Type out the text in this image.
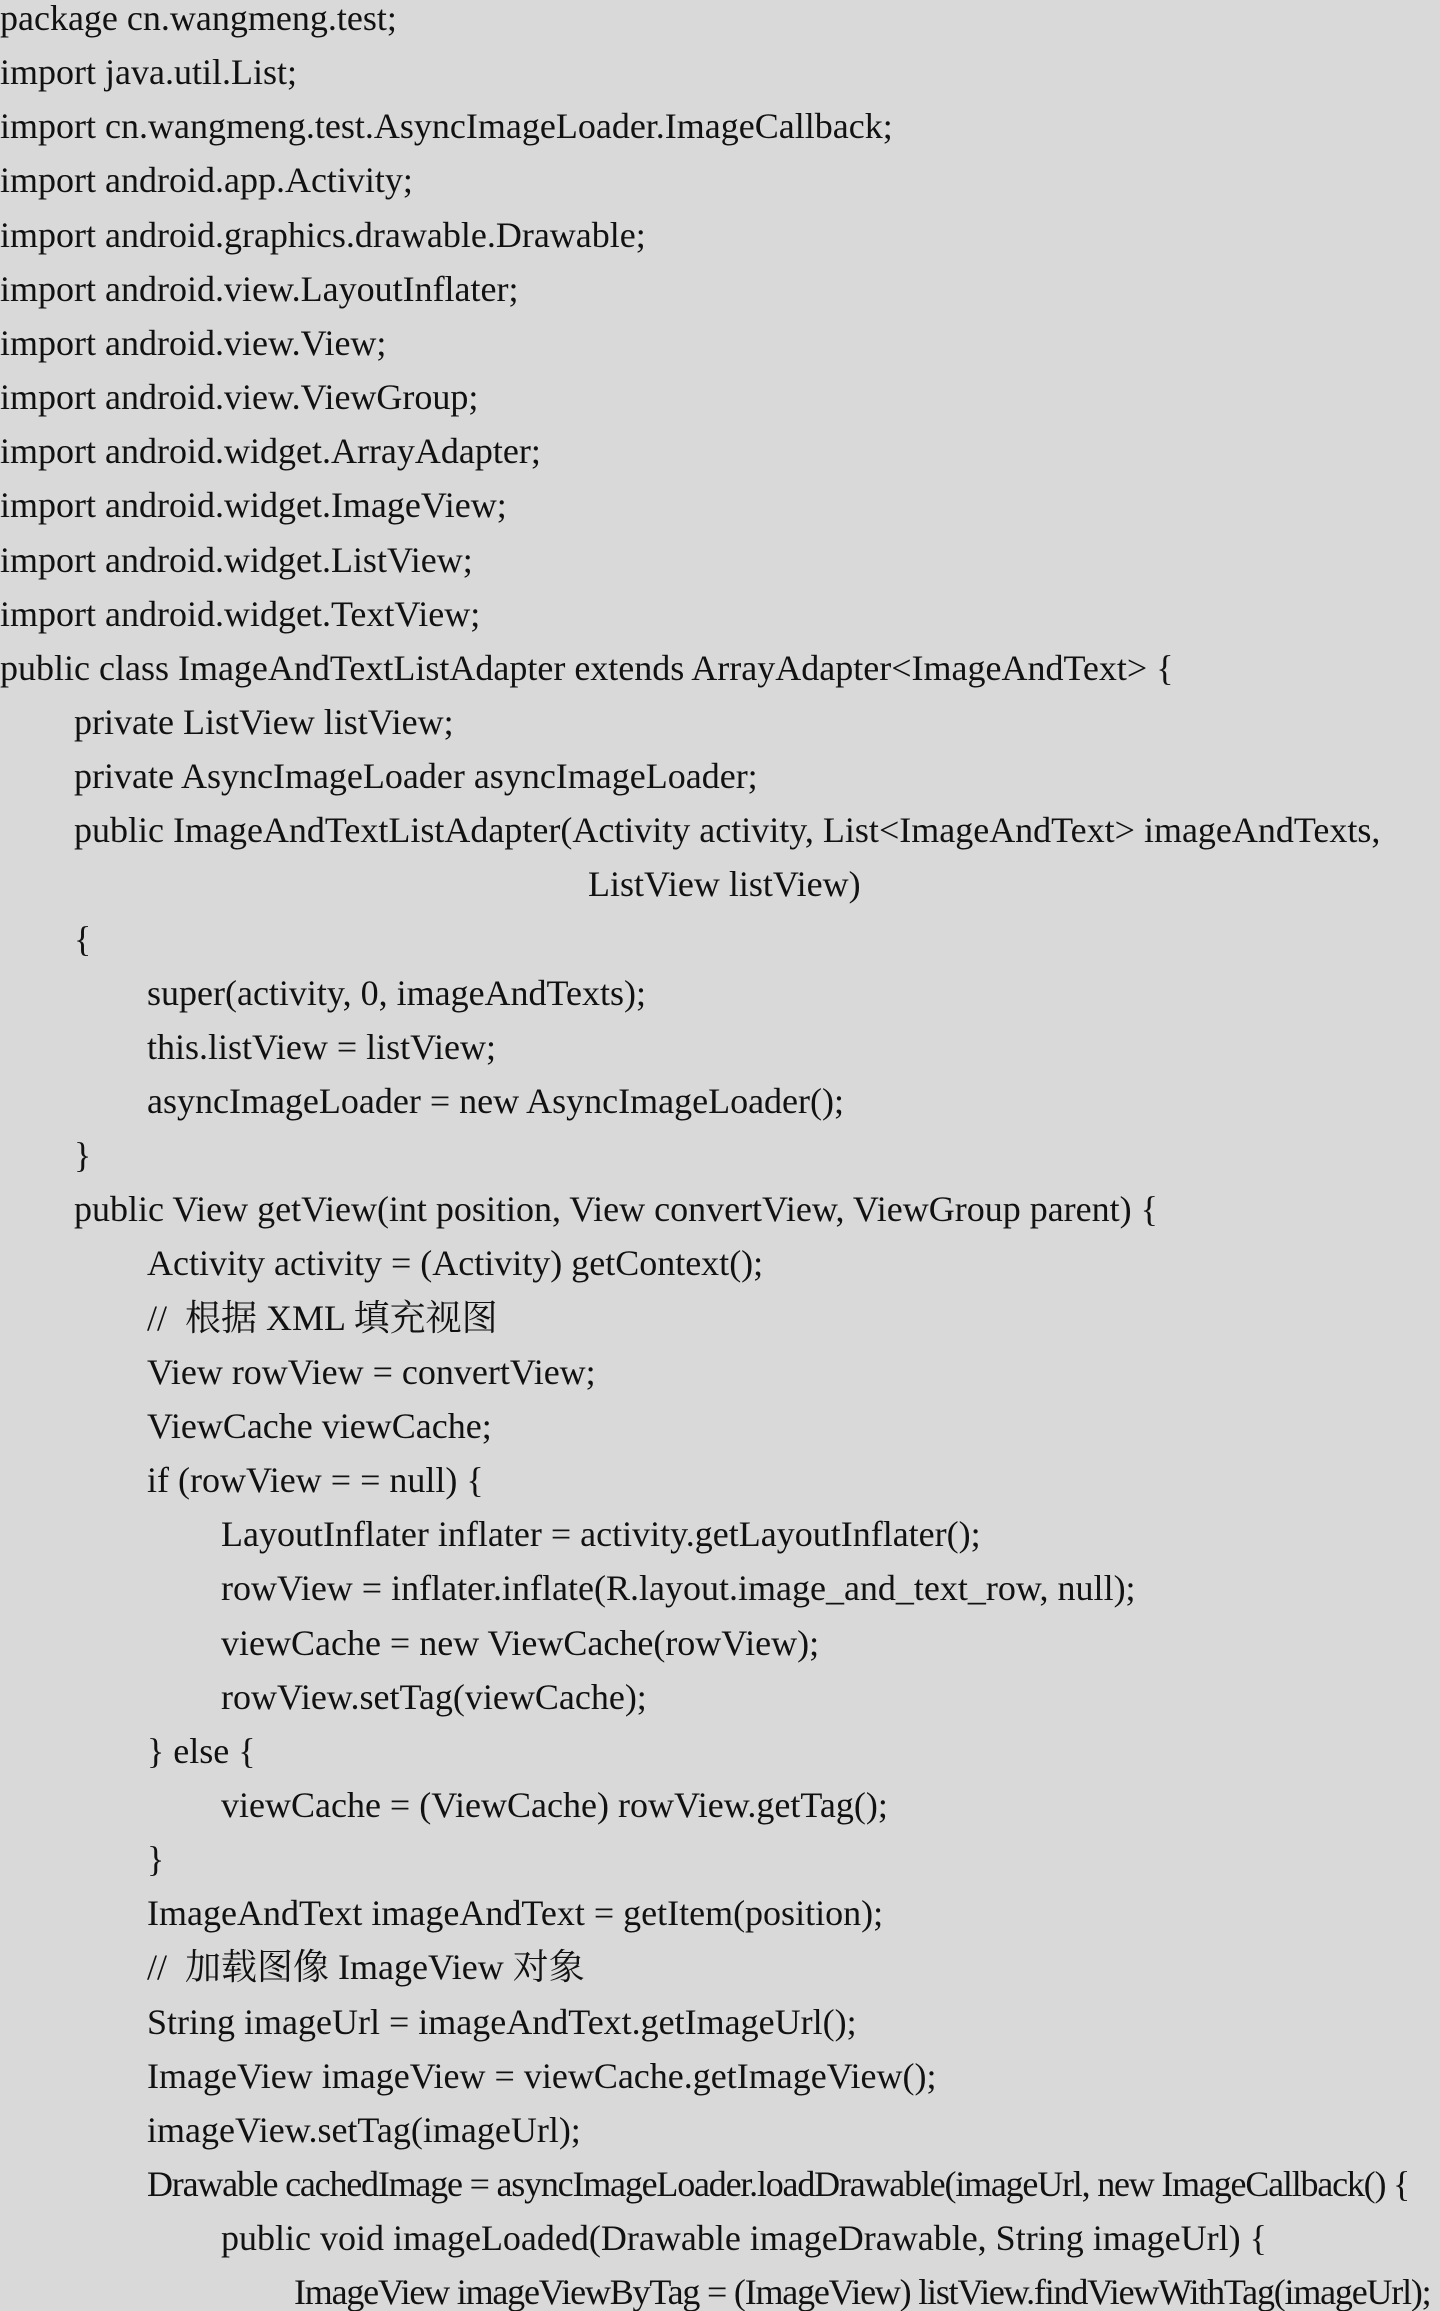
package cn.wangmeng.test;
import java.util.List;
import cn.wangmeng.test.AsyncImageLoader.ImageCallback;
import android.app.Activity;
import android.graphics.drawable.Drawable;
import android.view.LayoutInflater;
import android.view.View;
import android.view.ViewGroup;
import android.widget.ArrayAdapter;
import android.widget.ImageView;
import android.widget.ListView;
import android.widget.TextView;
public class ImageAndTextListAdapter extends ArrayAdapter<ImageAndText> {
private ListView listView;
private AsyncImageLoader asyncImageLoader;
public ImageAndTextListAdapter(Activity activity, List<ImageAndText> imageAndTexts,
ListView listView)
{
super(activity, 0, imageAndTexts);
this.listView = listView;
asyncImageLoader = new AsyncImageLoader();
}
public View getView(int position, View convertView, ViewGroup parent) {
Activity activity = (Activity) getContext();
//  根据 XML 填充视图
View rowView = convertView;
ViewCache viewCache;
if (rowView = = null) {
LayoutInflater inflater = activity.getLayoutInflater();
rowView = inflater.inflate(R.layout.image_and_text_row, null);
viewCache = new ViewCache(rowView);
rowView.setTag(viewCache);
} else {
viewCache = (ViewCache) rowView.getTag();
}
ImageAndText imageAndText = getItem(position);
//  加载图像 ImageView 对象
String imageUrl = imageAndText.getImageUrl();
ImageView imageView = viewCache.getImageView();
imageView.setTag(imageUrl);
Drawable cachedImage = asyncImageLoader.loadDrawable(imageUrl, new ImageCallback() {
public void imageLoaded(Drawable imageDrawable, String imageUrl) {
ImageView imageViewByTag = (ImageView) listView.findViewWithTag(imageUrl);
